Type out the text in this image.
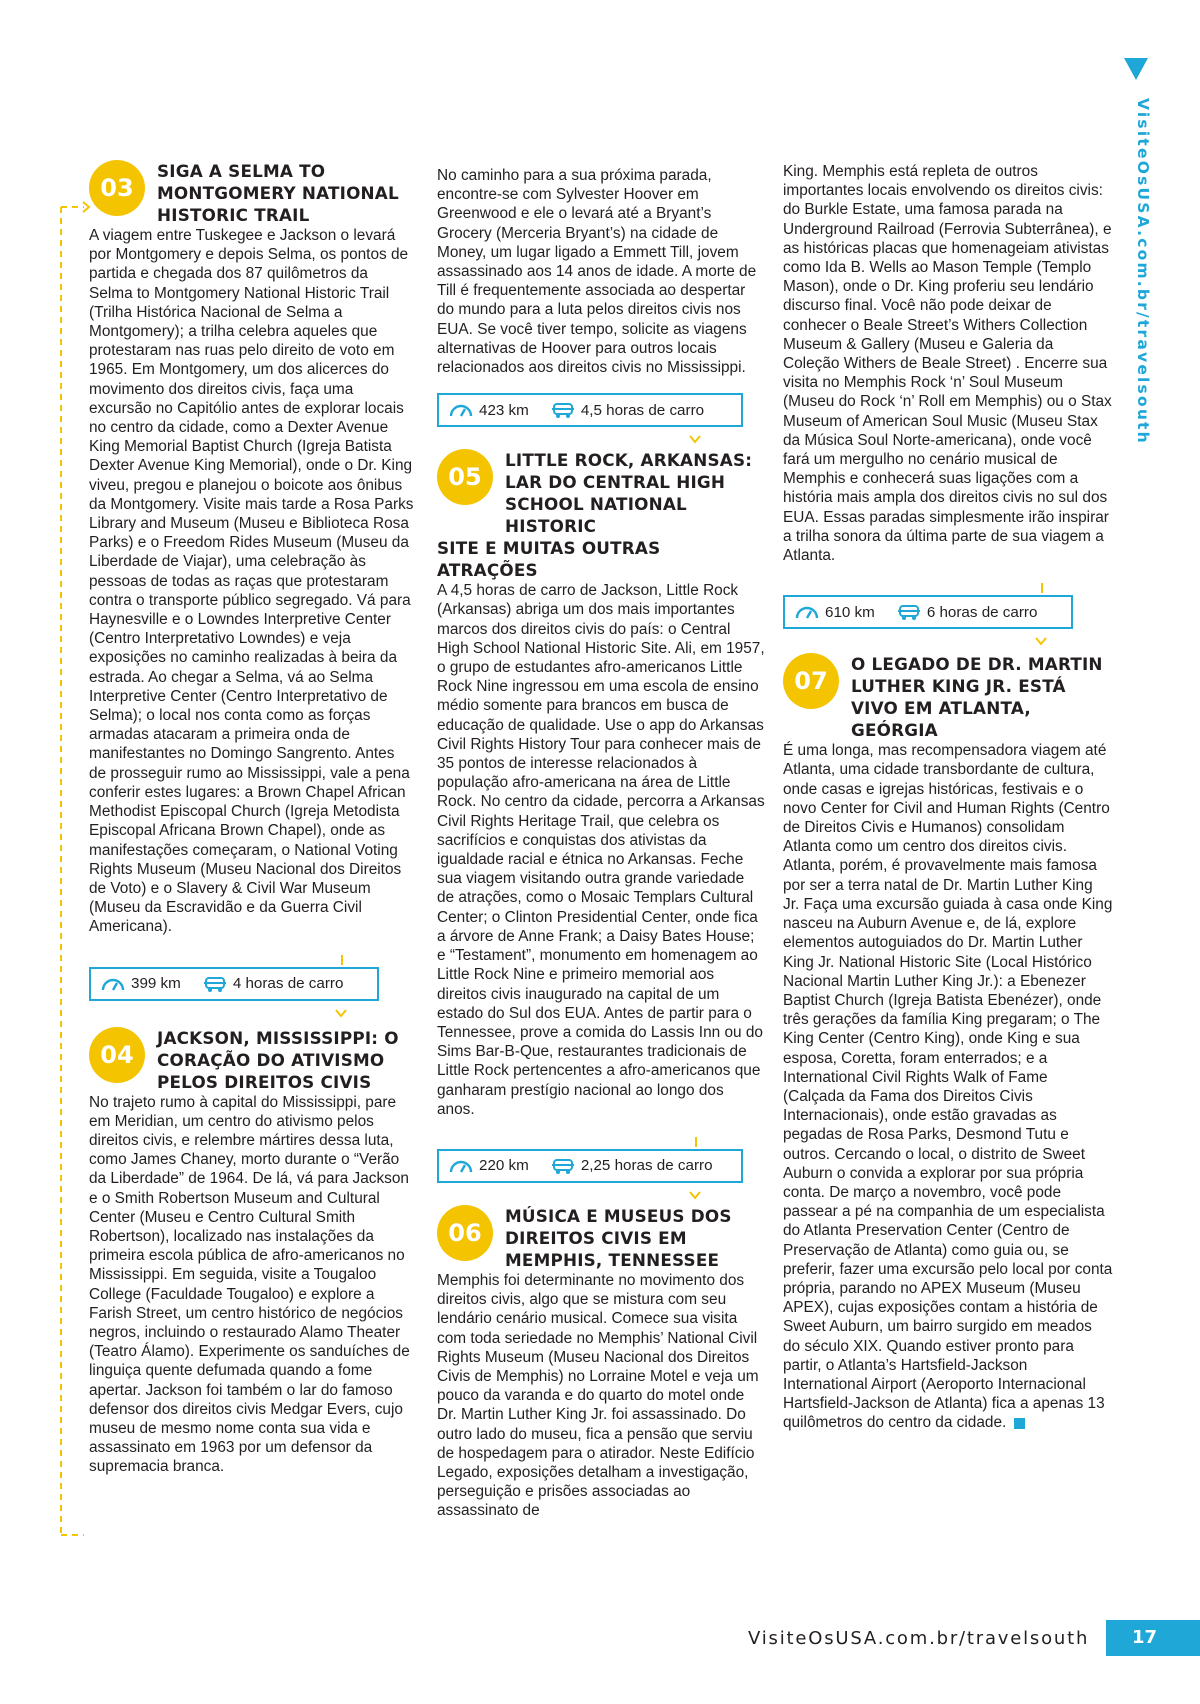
VisiteOsUSA.com.br/travelsouth
03
SIGA A SELMA TO MONTGOMERY NATIONAL HISTORIC TRAIL

A viagem entre Tuskegee e Jackson o levará por Montgomery e depois Selma, os pontos de partida e chegada dos 87 quilômetros da Selma to Montgomery National Historic Trail (Trilha Histórica Nacional de Selma a Montgomery); a trilha celebra aqueles que protestaram nas ruas pelo direito de voto em 1965. Em Montgomery, um dos alicerces do movimento dos direitos civis, faça uma excursão no Capitólio antes de explorar locais no centro da cidade, como a Dexter Avenue King Memorial Baptist Church (Igreja Batista Dexter Avenue King Memorial), onde o Dr. King viveu, pregou e planejou o boicote aos ônibus da Montgomery. Visite mais tarde a Rosa Parks Library and Museum (Museu e Biblioteca Rosa Parks) e o Freedom Rides Museum (Museu da Liberdade de Viajar), uma celebração às pessoas de todas as raças que protestaram contra o transporte público segregado. Vá para Haynesville e o Lowndes Interpretive Center (Centro Interpretativo Lowndes) e veja exposições no caminho realizadas à beira da estrada. Ao chegar a Selma, vá ao Selma Interpretive Center (Centro Interpretativo de Selma); o local nos conta como as forças armadas atacaram a primeira onda de manifestantes no Domingo Sangrento. Antes de prosseguir rumo ao Mississippi, vale a pena conferir estes lugares: a Brown Chapel African Methodist Episcopal Church (Igreja Metodista Episcopal Africana Brown Chapel), onde as manifestações começaram, o National Voting Rights Museum (Museu Nacional dos Direitos de Voto) e o Slavery & Civil War Museum (Museu da Escravidão e da Guerra Civil Americana).

399 km	4 horas de carro
04
JACKSON, MISSISSIPPI: O CORAÇÃO DO ATIVISMO PELOS DIREITOS CIVIS

No trajeto rumo à capital do Mississippi, pare em Meridian, um centro do ativismo pelos direitos civis, e relembre mártires dessa luta, como James Chaney, morto durante o “Verão da Liberdade” de 1964. De lá, vá para Jackson e o Smith Robertson Museum and Cultural Center (Museu e Centro Cultural Smith Robertson), localizado nas instalações da primeira escola pública de afro-americanos no Mississippi. Em seguida, visite a Tougaloo College (Faculdade Tougaloo) e explore a Farish Street, um centro histórico de negócios negros, incluindo o restaurado Alamo Theater (Teatro Álamo). Experimente os sanduíches de linguiça quente defumada quando a fome apertar. Jackson foi também o lar do famoso defensor dos direitos civis Medgar Evers, cujo museu de mesmo nome conta sua vida e assassinato em 1963 por um defensor da supremacia branca.

No caminho para a sua próxima parada, encontre-se com Sylvester Hoover em Greenwood e ele o levará até a Bryant’s Grocery (Merceria Bryant’s) na cidade de Money, um lugar ligado a Emmett Till, jovem assassinado aos 14 anos de idade. A morte de Till é frequentemente associada ao despertar do mundo para a luta pelos direitos civis nos EUA. Se você tiver tempo, solicite as viagens alternativas de Hoover para outros locais relacionados aos direitos civis no Mississippi.

423 km	4,5 horas de carro
05
LITTLE ROCK, ARKANSAS: LAR DO CENTRAL HIGH SCHOOL NATIONAL HISTORIC
SITE E MUITAS OUTRAS ATRAÇÕES

A 4,5 horas de carro de Jackson, Little Rock (Arkansas) abriga um dos mais importantes marcos dos direitos civis do país: o Central High School National Historic Site. Ali, em 1957, o grupo de estudantes afro-americanos Little Rock Nine ingressou em uma escola de ensino médio somente para brancos em busca de educação de qualidade. Use o app do Arkansas Civil Rights History Tour para conhecer mais de 35 pontos de interesse relacionados à população afro-americana na área de Little Rock. No centro da cidade, percorra a Arkansas Civil Rights Heritage Trail, que celebra os sacrifícios e conquistas dos ativistas da igualdade racial e étnica no Arkansas. Feche sua viagem visitando outra grande variedade de atrações, como o Mosaic Templars Cultural Center; o Clinton Presidential Center, onde fica a árvore de Anne Frank; a Daisy Bates House; e “Testament”, monumento em homenagem ao Little Rock Nine e primeiro memorial aos direitos civis inaugurado na capital de um estado do Sul dos EUA. Antes de partir para o Tennessee, prove a comida do Lassis Inn ou do Sims Bar-B-Que, restaurantes tradicionais de Little Rock pertencentes a afro-americanos que ganharam prestígio nacional ao longo dos anos.

220 km	2,25 horas de carro
06
MÚSICA E MUSEUS DOS DIREITOS CIVIS EM MEMPHIS, TENNESSEE

Memphis foi determinante no movimento dos direitos civis, algo que se mistura com seu lendário cenário musical. Comece sua visita com toda seriedade no Memphis’ National Civil Rights Museum (Museu Nacional dos Direitos Civis de Memphis) no Lorraine Motel e veja um pouco da varanda e do quarto do motel onde Dr. Martin Luther King Jr. foi assassinado. Do outro lado do museu, fica a pensão que serviu de hospedagem para o atirador. Neste Edifício Legado, exposições detalham a investigação, perseguição e prisões associadas ao assassinato de

King. Memphis está repleta de outros importantes locais envolvendo os direitos civis: do Burkle Estate, uma famosa parada na Underground Railroad (Ferrovia Subterrânea), e as históricas placas que homenageiam ativistas como Ida B. Wells ao Mason Temple (Templo Mason), onde o Dr. King proferiu seu lendário discurso final. Você não pode deixar de conhecer o Beale Street’s Withers Collection Museum & Gallery (Museu e Galeria da Coleção Withers de Beale Street) . Encerre sua visita no Memphis Rock ‘n’ Soul Museum (Museu do Rock ‘n’ Roll em Memphis) ou o Stax Museum of American Soul Music (Museu Stax da Música Soul Norte-americana), onde você fará um mergulho no cenário musical de Memphis e conhecerá suas ligações com a história mais ampla dos direitos civis no sul dos EUA. Essas paradas simplesmente irão inspirar a trilha sonora da última parte de sua viagem a Atlanta.

610 km	6 horas de carro
07
O LEGADO DE DR. MARTIN LUTHER KING JR. ESTÁ VIVO EM ATLANTA, GEÓRGIA

É uma longa, mas recompensadora viagem até Atlanta, uma cidade transbordante de cultura, onde casas e igrejas históricas, festivais e o novo Center for Civil and Human Rights (Centro de Direitos Civis e Humanos) consolidam Atlanta como um centro dos direitos civis. Atlanta, porém, é provavelmente mais famosa por ser a terra natal de Dr. Martin Luther King Jr. Faça uma excursão guiada à casa onde King nasceu na Auburn Avenue e, de lá, explore elementos autoguiados do Dr. Martin Luther King Jr. National Historic Site (Local Histórico Nacional Martin Luther King Jr.): a Ebenezer Baptist Church (Igreja Batista Ebenézer), onde três gerações da família King pregaram; o The King Center (Centro King), onde King e sua esposa, Coretta, foram enterrados; e a International Civil Rights Walk of Fame (Calçada da Fama dos Direitos Civis Internacionais), onde estão gravadas as pegadas de Rosa Parks, Desmond Tutu e outros. Cercando o local, o distrito de Sweet Auburn o convida a explorar por sua própria conta. De março a novembro, você pode passear a pé na companhia de um especialista do Atlanta Preservation Center (Centro de Preservação de Atlanta) como guia ou, se preferir, fazer uma excursão pelo local por conta própria, parando no APEX Museum (Museu APEX), cujas exposições contam a história de Sweet Auburn, um bairro surgido em meados do século XIX. Quando estiver pronto para partir, o Atlanta’s Hartsfield-Jackson International Airport (Aeroporto Internacional Hartsfield-Jackson de Atlanta) fica a apenas 13 quilômetros do centro da cidade.

VisiteOsUSA.com.br/travelsouth	17
